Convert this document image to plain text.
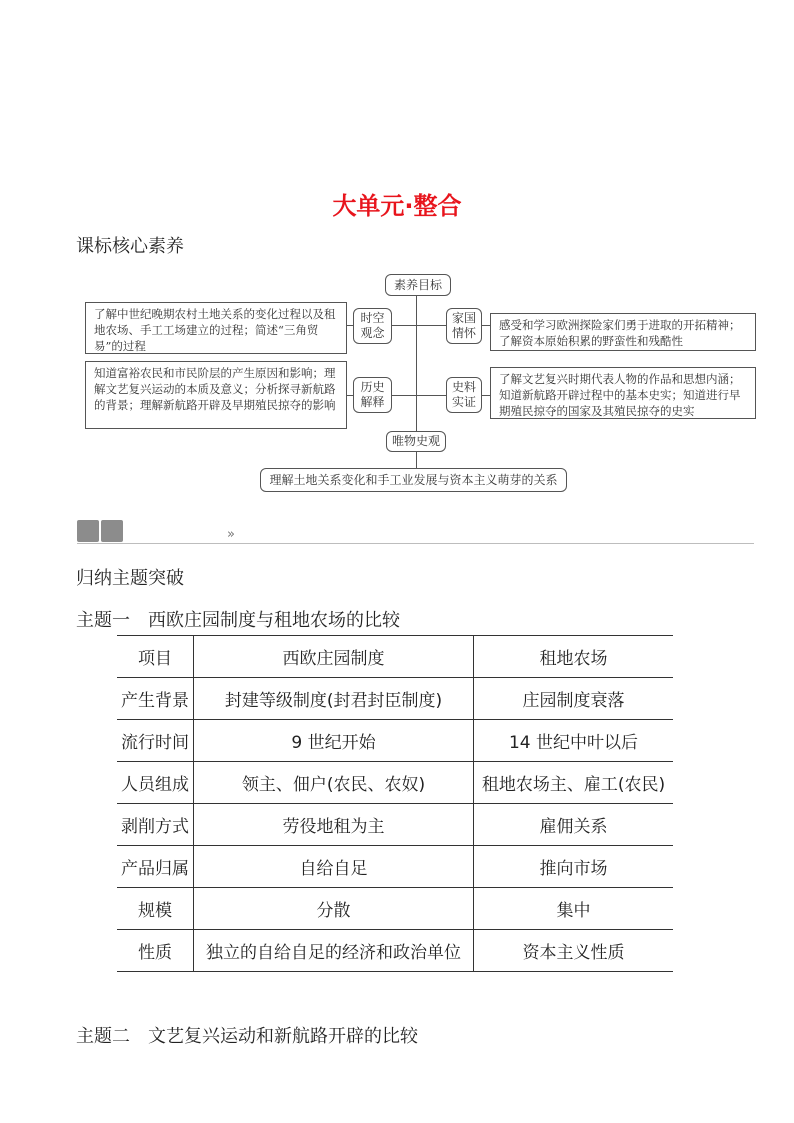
大单元·整合
课标核心素养
素养目标
时空
观念
家国
情怀
历史
解释
史料
实证
了解中世纪晚期农村土地关系的变化过程以及租地农场、手工工场建立的过程；简述“三角贸易”的过程
感受和学习欧洲探险家们勇于进取的开拓精神；了解资本原始积累的野蛮性和残酷性
知道富裕农民和市民阶层的产生原因和影响；理解文艺复兴运动的本质及意义；分析探寻新航路的背景；理解新航路开辟及早期殖民掠夺的影响
了解文艺复兴时期代表人物的作品和思想内涵；知道新航路开辟过程中的基本史实；知道进行早期殖民掠夺的国家及其殖民掠夺的史实
唯物史观
理解土地关系变化和手工业发展与资本主义萌芽的关系
»
归纳主题突破
主题一　西欧庄园制度与租地农场的比较
项目	西欧庄园制度	租地农场
产生背景	封建等级制度(封君封臣制度)	庄园制度衰落
流行时间	9 世纪开始	14 世纪中叶以后
人员组成	领主、佃户(农民、农奴)	租地农场主、雇工(农民)
剥削方式	劳役地租为主	雇佣关系
产品归属	自给自足	推向市场
规模	分散	集中
性质	独立的自给自足的经济和政治单位	资本主义性质
主题二　文艺复兴运动和新航路开辟的比较
